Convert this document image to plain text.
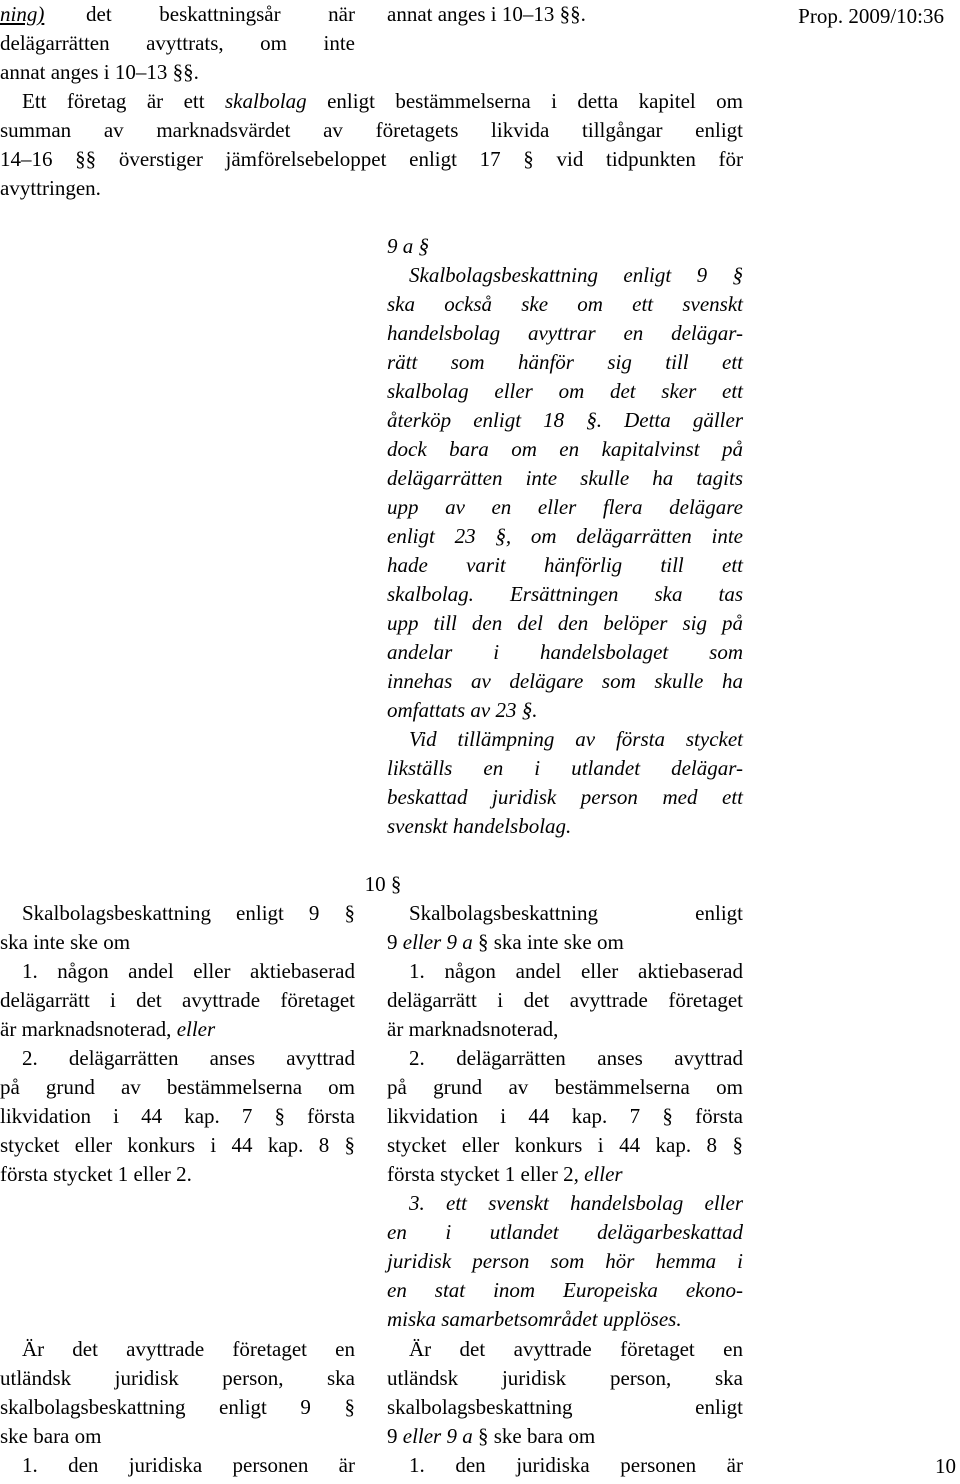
Prop. 2009/10:36
ning)	det beskattningsår när
delägarrätten avyttrats, om inte
annat anges i 10–13 §§.
annat anges i 10–13 §§.
Ett företag är ett skalbolag enligt bestämmelserna i detta kapitel om
summan av marknadsvärdet av företagets likvida tillgångar enligt
14–16 §§ överstiger jämförelsebeloppet enligt 17 § vid tidpunkten för
avyttringen.
9 a §
Skalbolagsbeskattning enligt 9 §
ska också ske om ett svenskt
handelsbolag avyttrar en delägar-
rätt som hänför sig till ett
skalbolag eller om det sker ett
återköp enligt 18 §. Detta gäller
dock bara om en kapitalvinst på
delägarrätten inte skulle ha tagits
upp av en eller flera delägare
enligt 23 §, om delägarrätten inte
hade varit hänförlig till ett
skalbolag. Ersättningen ska tas
upp till den del den belöper sig på
andelar i handelsbolaget som
innehas av delägare som skulle ha
omfattats av 23 §.
Vid tillämpning av första stycket
likställs en i utlandet delägar-
beskattad juridisk person med ett
svenskt handelsbolag.
10 §
Skalbolagsbeskattning enligt 9 §
ska inte ske om
1. någon andel eller aktiebaserad
delägarrätt i det avyttrade företaget
är marknadsnoterad, eller
2. delägarrätten anses avyttrad
på grund av bestämmelserna om
likvidation i 44 kap. 7 § första
stycket eller konkurs i 44 kap. 8 §
första stycket 1 eller 2.
Är det avyttrade företaget en
utländsk juridisk person, ska
skalbolagsbeskattning enligt 9 §
ske bara om
1. den juridiska personen är
Skalbolagsbeskattning enligt
9 eller 9 a § ska inte ske om
1. någon andel eller aktiebaserad
delägarrätt i det avyttrade företaget
är marknadsnoterad,
2. delägarrätten anses avyttrad
på grund av bestämmelserna om
likvidation i 44 kap. 7 § första
stycket eller konkurs i 44 kap. 8 §
första stycket 1 eller 2, eller
3. ett svenskt handelsbolag eller
en i utlandet delägarbeskattad
juridisk person som hör hemma i
en stat inom Europeiska ekono-
miska samarbetsområdet upplöses.
Är det avyttrade företaget en
utländsk juridisk person, ska
skalbolagsbeskattning enligt
9 eller 9 a § ske bara om
1. den juridiska personen är	10
